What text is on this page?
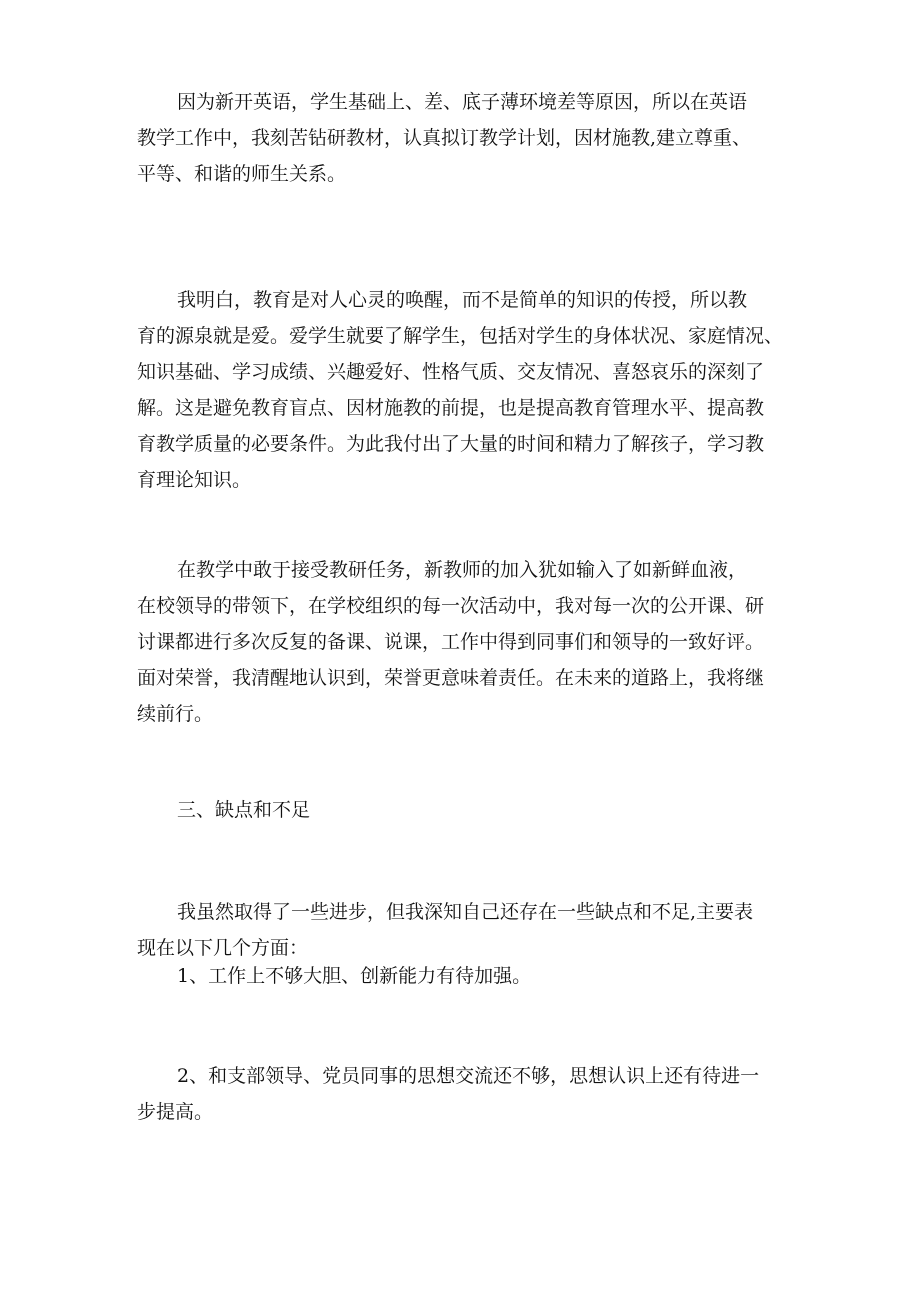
因为新开英语，学生基础上、差、底子薄环境差等原因，所以在英语
教学工作中，我刻苦钻研教材，认真拟订教学计划，因材施教,建立尊重、
平等、和谐的师生关系。
我明白，教育是对人心灵的唤醒，而不是简单的知识的传授，所以教
育的源泉就是爱。爱学生就要了解学生，包括对学生的身体状况、家庭情况、
知识基础、学习成绩、兴趣爱好、性格气质、交友情况、喜怒哀乐的深刻了
解。这是避免教育盲点、因材施教的前提，也是提高教育管理水平、提高教
育教学质量的必要条件。为此我付出了大量的时间和精力了解孩子，学习教
育理论知识。
在教学中敢于接受教研任务，新教师的加入犹如输入了如新鲜血液，
在校领导的带领下，在学校组织的每一次活动中，我对每一次的公开课、研
讨课都进行多次反复的备课、说课，工作中得到同事们和领导的一致好评。
面对荣誉，我清醒地认识到，荣誉更意味着责任。在未来的道路上，我将继
续前行。
三、缺点和不足
我虽然取得了一些进步，但我深知自己还存在一些缺点和不足,主要表
现在以下几个方面：
1、工作上不够大胆、创新能力有待加强。
2、和支部领导、党员同事的思想交流还不够，思想认识上还有待进一
步提高。
